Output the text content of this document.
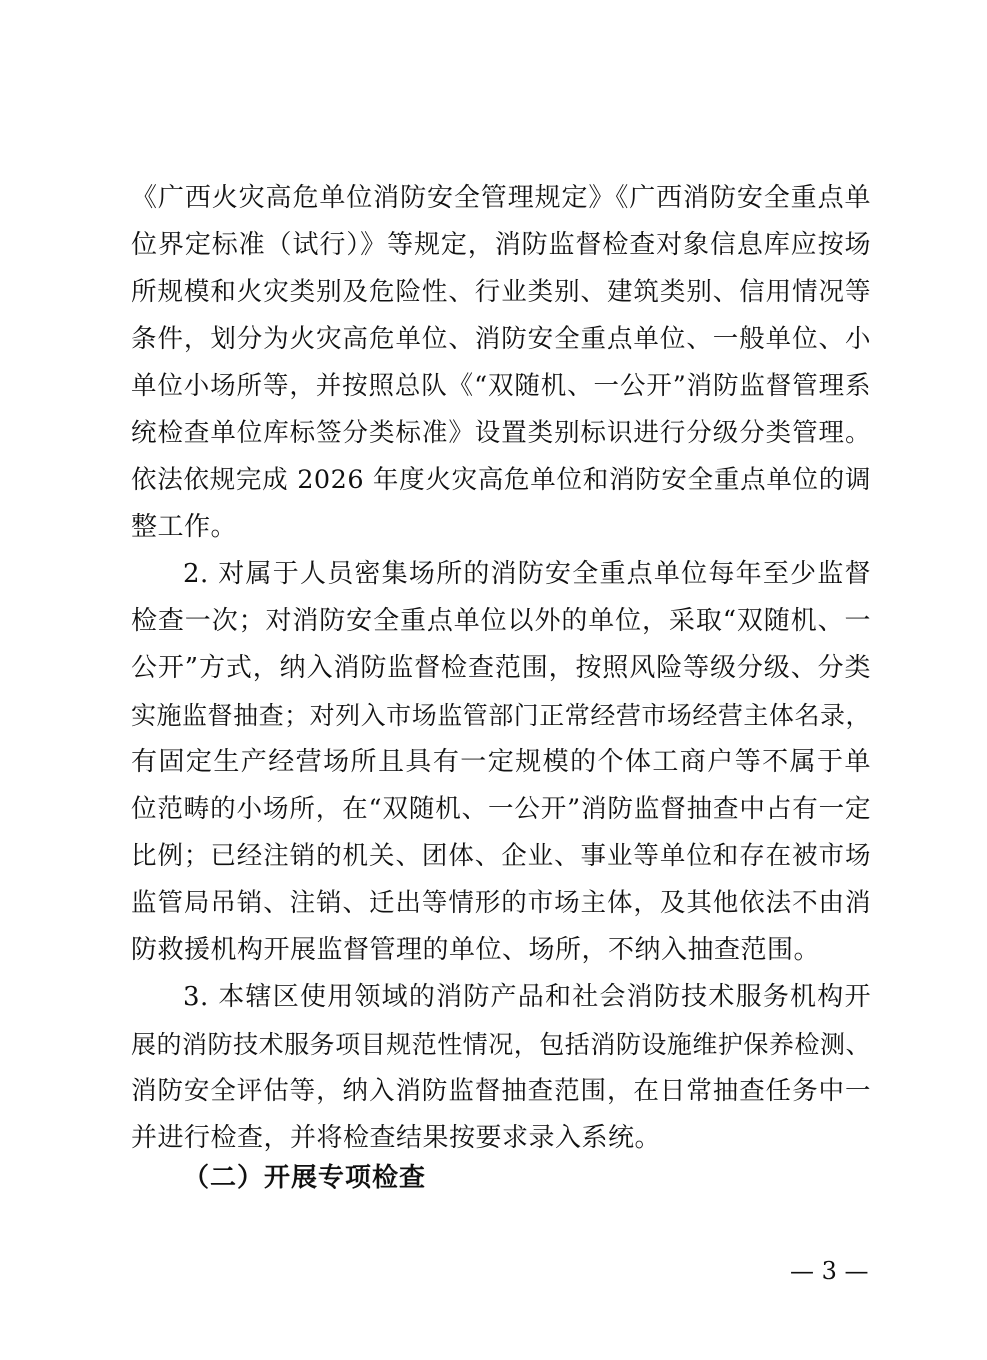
《广西火灾高危单位消防安全管理规定》《广西消防安全重点单
位界定标准（试行）》等规定，消防监督检查对象信息库应按场
所规模和火灾类别及危险性、行业类别、建筑类别、信用情况等
条件，划分为火灾高危单位、消防安全重点单位、一般单位、小
单位小场所等，并按照总队《“双随机、一公开”消防监督管理系
统检查单位库标签分类标准》设置类别标识进行分级分类管理。
依法依规完成 2026 年度火灾高危单位和消防安全重点单位的调
整工作。
2. 对属于人员密集场所的消防安全重点单位每年至少监督
检查一次；对消防安全重点单位以外的单位，采取“双随机、一
公开”方式，纳入消防监督检查范围，按照风险等级分级、分类
实施监督抽查；对列入市场监管部门正常经营市场经营主体名录，
有固定生产经营场所且具有一定规模的个体工商户等不属于单
位范畴的小场所，在“双随机、一公开”消防监督抽查中占有一定
比例；已经注销的机关、团体、企业、事业等单位和存在被市场
监管局吊销、注销、迁出等情形的市场主体，及其他依法不由消
防救援机构开展监督管理的单位、场所，不纳入抽查范围。
3. 本辖区使用领域的消防产品和社会消防技术服务机构开
展的消防技术服务项目规范性情况，包括消防设施维护保养检测、
消防安全评估等，纳入消防监督抽查范围，在日常抽查任务中一
并进行检查，并将检查结果按要求录入系统。
（二）开展专项检查
— 3 —
